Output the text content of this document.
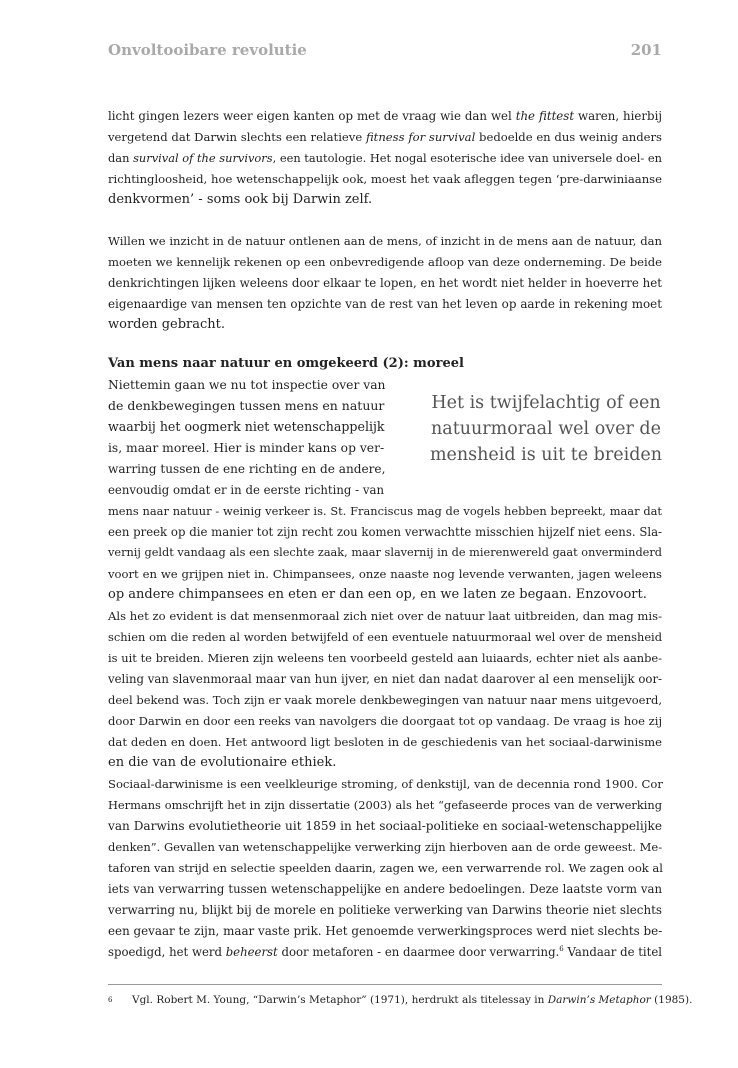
Onvoltooibare revolutie	201
licht gingen lezers weer eigen kanten op met de vraag wie dan wel the fittest waren, hierbij
vergetend dat Darwin slechts een relatieve fitness for survival bedoelde en dus weinig anders
dan survival of the survivors, een tautologie. Het nogal esoterische idee van universele doel- en
richtingloosheid, hoe wetenschappelijk ook, moest het vaak afleggen tegen ‘pre-darwiniaanse
denkvormen’ - soms ook bij Darwin zelf.
Willen we inzicht in de natuur ontlenen aan de mens, of inzicht in de mens aan de natuur, dan
moeten we kennelijk rekenen op een onbevredigende afloop van deze onderneming. De beide
denkrichtingen lijken weleens door elkaar te lopen, en het wordt niet helder in hoeverre het
eigenaardige van mensen ten opzichte van de rest van het leven op aarde in rekening moet
worden gebracht.
Van mens naar natuur en omgekeerd (2): moreel
Het is twijfelachtig of een
natuurmoraal wel over de
mensheid is uit te breiden
Niettemin gaan we nu tot inspectie over van
de denkbewegingen tussen mens en natuur
waarbij het oogmerk niet wetenschappelijk
is, maar moreel. Hier is minder kans op ver-
warring tussen de ene richting en de andere,
eenvoudig omdat er in de eerste richting - van
mens naar natuur - weinig verkeer is. St. Franciscus mag de vogels hebben bepreekt, maar dat
een preek op die manier tot zijn recht zou komen verwachtte misschien hijzelf niet eens. Sla-
vernij geldt vandaag als een slechte zaak, maar slavernij in de mierenwereld gaat onverminderd
voort en we grijpen niet in. Chimpansees, onze naaste nog levende verwanten, jagen weleens
op andere chimpansees en eten er dan een op, en we laten ze begaan. Enzovoort.
Als het zo evident is dat mensenmoraal zich niet over de natuur laat uitbreiden, dan mag mis-
schien om die reden al worden betwijfeld of een eventuele natuurmoraal wel over de mensheid
is uit te breiden. Mieren zijn weleens ten voorbeeld gesteld aan luiaards, echter niet als aanbe-
veling van slavenmoraal maar van hun ijver, en niet dan nadat daarover al een menselijk oor-
deel bekend was. Toch zijn er vaak morele denkbewegingen van natuur naar mens uitgevoerd,
door Darwin en door een reeks van navolgers die doorgaat tot op vandaag. De vraag is hoe zij
dat deden en doen. Het antwoord ligt besloten in de geschiedenis van het sociaal-darwinisme
en die van de evolutionaire ethiek.
Sociaal-darwinisme is een veelkleurige stroming, of denkstijl, van de decennia rond 1900. Cor
Hermans omschrijft het in zijn dissertatie (2003) als het “gefaseerde proces van de verwerking
van Darwins evolutietheorie uit 1859 in het sociaal-politieke en sociaal-wetenschappelijke
denken”. Gevallen van wetenschappelijke verwerking zijn hierboven aan de orde geweest. Me-
taforen van strijd en selectie speelden daarin, zagen we, een verwarrende rol. We zagen ook al
iets van verwarring tussen wetenschappelijke en andere bedoelingen. Deze laatste vorm van
verwarring nu, blijkt bij de morele en politieke verwerking van Darwins theorie niet slechts
een gevaar te zijn, maar vaste prik. Het genoemde verwerkingsproces werd niet slechts be-
spoedigd, het werd beheerst door metaforen - en daarmee door verwarring.$^6$ Vandaar de titel
6 Vgl. Robert M. Young, “Darwin’s Metaphor” (1971), herdrukt als titelessay in Darwin’s Metaphor (1985).
